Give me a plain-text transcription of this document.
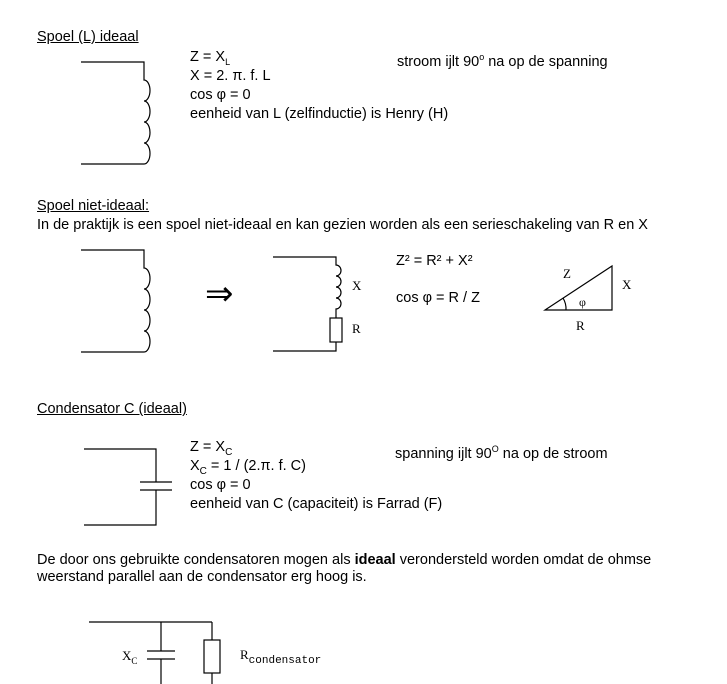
Spoel (L) ideaal
$Z = X_L$
X = 2. π. f. L
cos φ = 0
eenheid van L (zelfinductie) is Henry (H)
stroom ijlt 90$^o$ na op de spanning
Spoel niet-ideaal:
In de praktijk is een spoel niet-ideaal en kan gezien worden als een serieschakeling van R en X
⇒	X
R
Z² = R² + X²
cos φ = R / Z
Z
X
R
φ
Condensator C (ideaal)
$Z = X_C$
$X_C = 1 / (2.\pi$. f. C)
cos φ = 0
eenheid van C (capaciteit) is Farrad (F)
spanning ijlt $90^O$ na op de stroom
De door ons gebruikte condensatoren mogen als ideaal verondersteld worden omdat de ohmse
weerstand parallel aan de condensator erg hoog is.
$X_C$	$R_{condensator}$
